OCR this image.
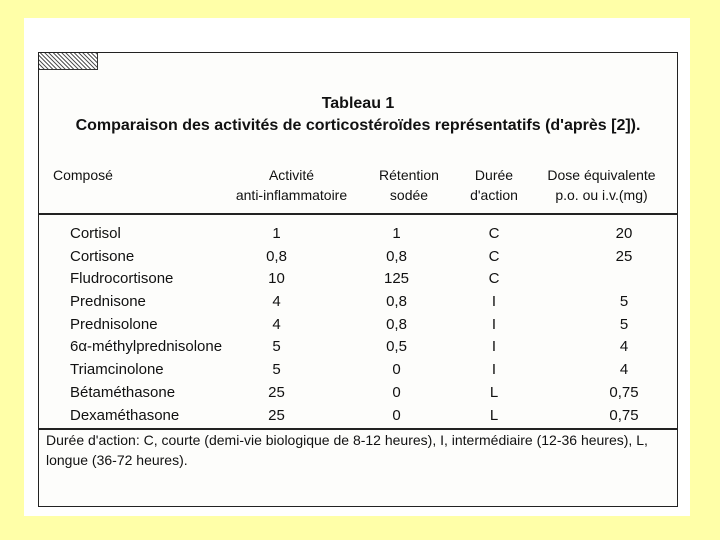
Tableau 1
Comparaison des activités de corticostéroïdes représentatifs (d'après [2]).
Composé	Activité
anti-inflammatoire
Rétention
sodée
Durée
d'action
Dose équivalente
p.o. ou i.v.(mg)
Cortisol
Cortisone
Fludrocortisone
Prednisone
Prednisolone
6α-méthylprednisolone
Triamcinolone
Bétaméthasone
Dexaméthasone
1
0,8
10
4
4
5
5
25
25
1
0,8
125
0,8
0,8
0,5
0
0
0
C
C
C
I
I
I
I
L
L
20
25
5
5
4
4
0,75
0,75
Durée d'action: C, courte (demi-vie biologique de 8-12 heures), I, intermédiaire (12-36 heures), L, longue (36-72 heures).
